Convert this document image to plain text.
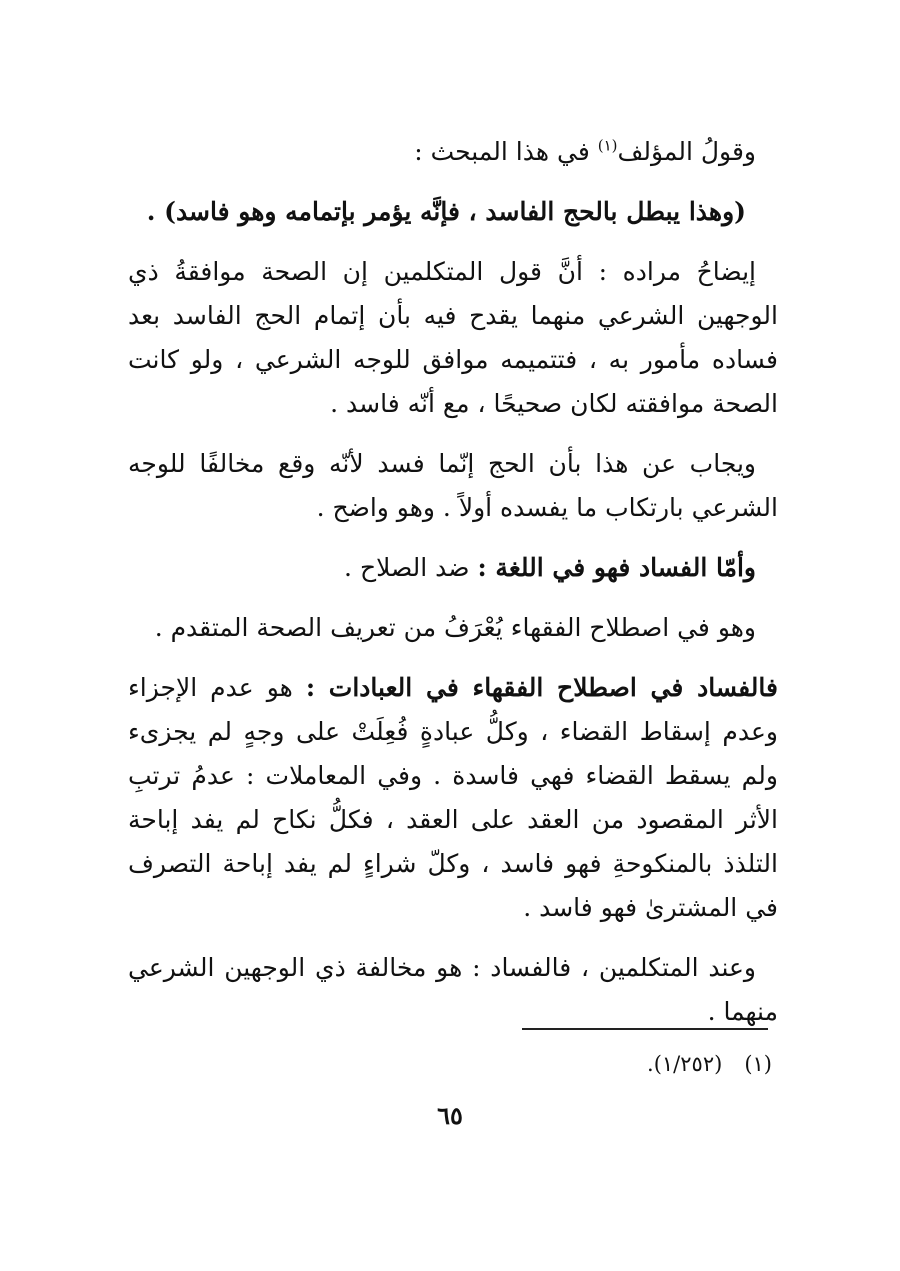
وقولُ المؤلف$^{(١)}$ في هذا المبحث :

(وهذا يبطل بالحج الفاسد ، فإنَّه يؤمر بإتمامه وهو فاسد) .

إيضاحُ مراده : أنَّ قول المتكلمين إن الصحة موافقةُ ذي الوجهين الشرعي منهما يقدح فيه بأن إتمام الحج الفاسد بعد فساده مأمور به ، فتتميمه موافق للوجه الشرعي ، ولو كانت الصحة موافقته لكان صحيحًا ، مع أنّه فاسد .

ويجاب عن هذا بأن الحج إنّما فسد لأنّه وقع مخالفًا للوجه الشرعي بارتكاب ما يفسده أولاً . وهو واضح .

وأمّا الفساد فهو في اللغة : ضد الصلاح .

وهو في اصطلاح الفقهاء يُعْرَفُ من تعريف الصحة المتقدم .

فالفساد في اصطلاح الفقهاء في العبادات : هو عدم الإجزاء وعدم إسقاط القضاء ، وكلُّ عبادةٍ فُعِلَتْ على وجهٍ لم يجزىء ولم يسقط القضاء فهي فاسدة . وفي المعاملات : عدمُ ترتبِ الأثر المقصود من العقد على العقد ، فكلُّ نكاح لم يفد إباحة التلذذ بالمنكوحةِ فهو فاسد ، وكلّ شراءٍ لم يفد إباحة التصرف في المشترىٰ فهو فاسد .

وعند المتكلمين ، فالفساد : هو مخالفة ذي الوجهين الشرعي منهما .

(١)(١/٢٥٢).
٦٥
